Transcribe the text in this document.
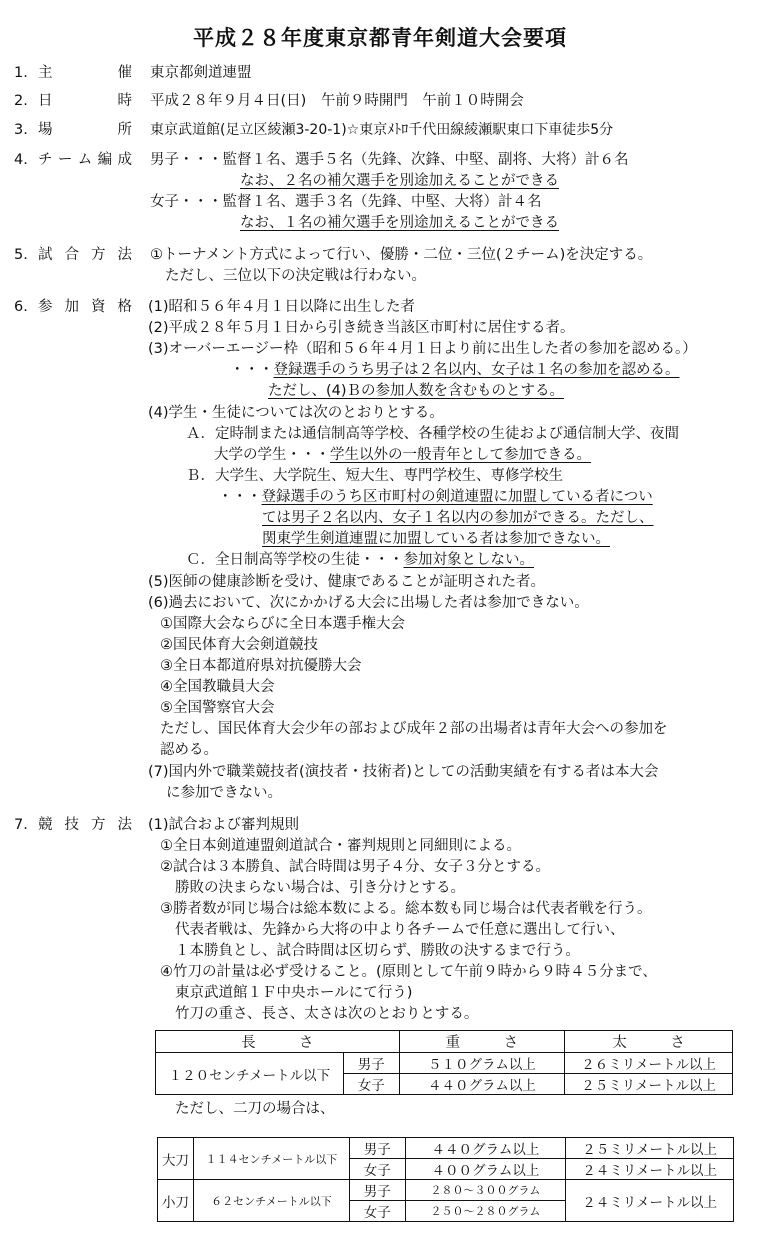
平成２８年度東京都青年剣道大会要項
1. 主	催 東京都剣道連盟
2. 日	時 平成２８年９月４日(日)　午前９時開門　午前１０時開会
3. 場	所 東京武道館(足立区綾瀬3-20-1)☆東京ﾒﾄﾛ千代田線綾瀬駅東口下車徒歩5分
4. チ ー ム 編 成 男子・・・監督１名、選手５名（先鋒、次鋒、中堅、副将、大将）計６名
なお、２名の補欠選手を別途加えることができる
女子・・・監督１名、選手３名（先鋒、中堅、大将）計４名
なお、１名の補欠選手を別途加えることができる
5. 試 合 方 法 ①トーナメント方式によって行い、優勝・二位・三位(２チーム)を決定する。
ただし、三位以下の決定戦は行わない。
6. 参 加 資 格 (1)昭和５６年４月１日以降に出生した者
(2)平成２８年５月１日から引き続き当該区市町村に居住する者。
(3)オーバーエージー枠（昭和５６年４月１日より前に出生した者の参加を認める。）
・・・登録選手のうち男子は２名以内、女子は１名の参加を認める。
ただし、(4)Ｂの参加人数を含むものとする。
(4)学生・生徒については次のとおりとする。
Ａ．定時制または通信制高等学校、各種学校の生徒および通信制大学、夜間
大学の学生・・・学生以外の一般青年として参加できる。
Ｂ．大学生、大学院生、短大生、専門学校生、専修学校生
・・・登録選手のうち区市町村の剣道連盟に加盟している者につい
ては男子２名以内、女子１名以内の参加ができる。ただし、
関東学生剣道連盟に加盟している者は参加できない。
Ｃ．全日制高等学校の生徒・・・参加対象としない。
(5)医師の健康診断を受け、健康であることが証明された者。
(6)過去において、次にかかげる大会に出場した者は参加できない。
①国際大会ならびに全日本選手権大会
②国民体育大会剣道競技
③全日本都道府県対抗優勝大会
④全国教職員大会
⑤全国警察官大会
ただし、国民体育大会少年の部および成年２部の出場者は青年大会への参加を
認める。
(7)国内外で職業競技者(演技者・技術者)としての活動実績を有する者は本大会
に参加できない。
7. 競 技 方 法 (1)試合および審判規則
①全日本剣道連盟剣道試合・審判規則と同細則による。
②試合は３本勝負、試合時間は男子４分、女子３分とする。
勝敗の決まらない場合は、引き分けとする。
③勝者数が同じ場合は総本数による。総本数も同じ場合は代表者戦を行う。
代表者戦は、先鋒から大将の中より各チームで任意に選出して行い、
１本勝負とし、試合時間は区切らず、勝敗の決するまで行う。
④竹刀の計量は必ず受けること。(原則として午前９時から９時４５分まで、
東京武道館１Ｆ中央ホールにて行う)
竹刀の重さ、長さ、太さは次のとおりとする。
長　　　さ		重　　　さ	太　　　さ
１２０センチメートル以下	男子	５１０グラム以上	２６ミリメートル以上
	女子	４４０グラム以上	２５ミリメートル以上
ただし、二刀の場合は、
大刀	１１４センチメートル以下	男子	４４０グラム以上	２５ミリメートル以上
		女子	４００グラム以上	２４ミリメートル以上
小刀	６２センチメートル以下	男子	２８０～３００グラム	２４ミリメートル以上
		女子	２５０～２８０グラム	
